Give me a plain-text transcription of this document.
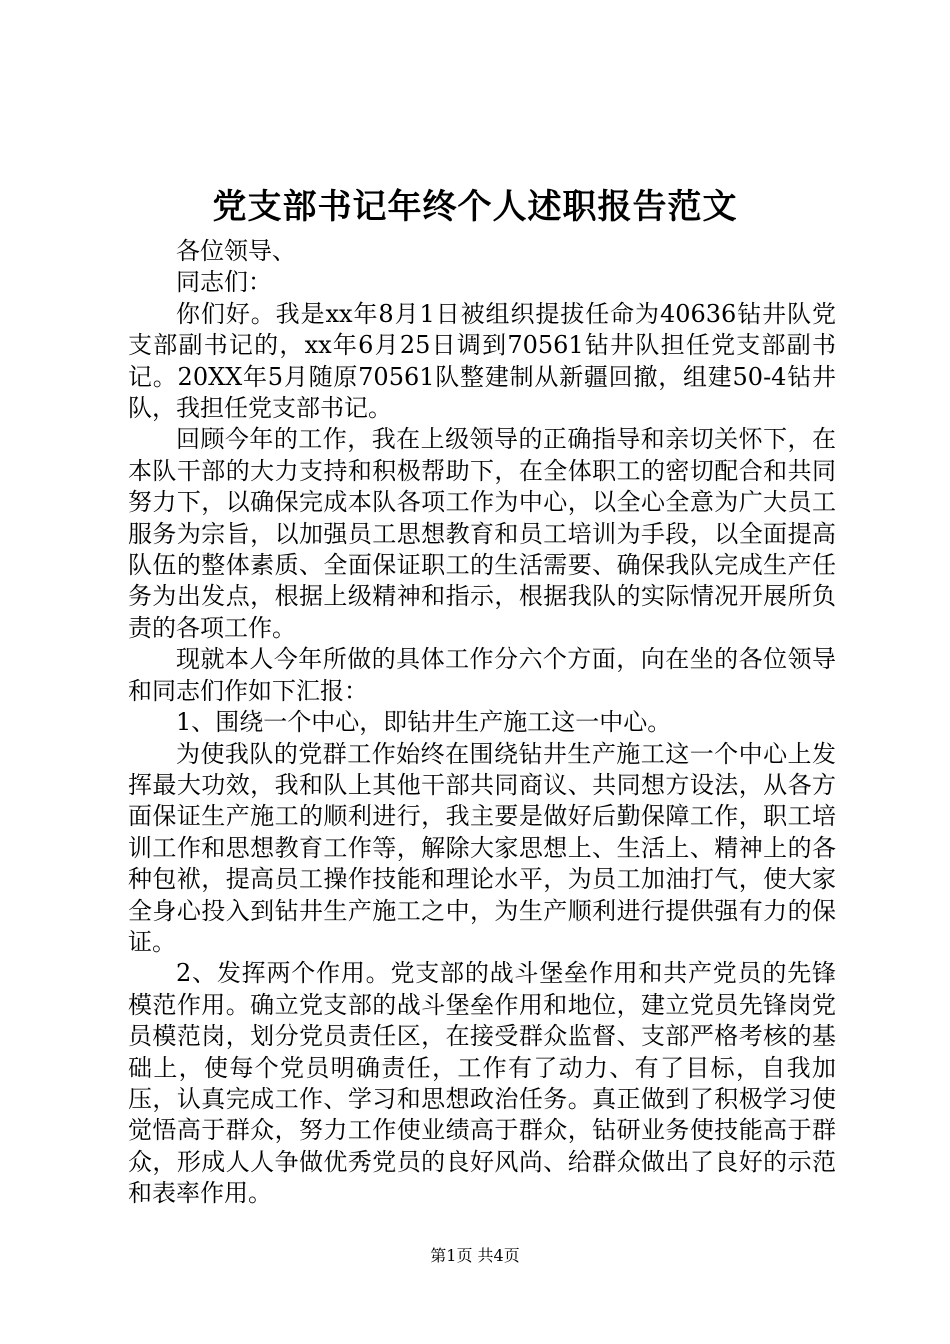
党支部书记年终个人述职报告范文

各位领导、

同志们：

你们好。我是xx年8月1日被组织提拔任命为40636钻井队党支部副书记的，xx年6月25日调到70561钻井队担任党支部副书记。20XX年5月随原70561队整建制从新疆回撤，组建50-4钻井队，我担任党支部书记。

回顾今年的工作，我在上级领导的正确指导和亲切关怀下，在本队干部的大力支持和积极帮助下，在全体职工的密切配合和共同努力下，以确保完成本队各项工作为中心，以全心全意为广大员工服务为宗旨，以加强员工思想教育和员工培训为手段，以全面提高队伍的整体素质、全面保证职工的生活需要、确保我队完成生产任务为出发点，根据上级精神和指示，根据我队的实际情况开展所负责的各项工作。

现就本人今年所做的具体工作分六个方面，向在坐的各位领导和同志们作如下汇报：

1、围绕一个中心，即钻井生产施工这一中心。

为使我队的党群工作始终在围绕钻井生产施工这一个中心上发挥最大功效，我和队上其他干部共同商议、共同想方设法，从各方面保证生产施工的顺利进行，我主要是做好后勤保障工作，职工培训工作和思想教育工作等，解除大家思想上、生活上、精神上的各种包袱，提高员工操作技能和理论水平，为员工加油打气，使大家全身心投入到钻井生产施工之中，为生产顺利进行提供强有力的保证。

2、发挥两个作用。党支部的战斗堡垒作用和共产党员的先锋模范作用。确立党支部的战斗堡垒作用和地位，建立党员先锋岗党员模范岗，划分党员责任区，在接受群众监督、支部严格考核的基础上，使每个党员明确责任，工作有了动力、有了目标，自我加压，认真完成工作、学习和思想政治任务。真正做到了积极学习使觉悟高于群众，努力工作使业绩高于群众，钻研业务使技能高于群众，形成人人争做优秀党员的良好风尚、给群众做出了良好的示范和表率作用。

第1页 共4页
